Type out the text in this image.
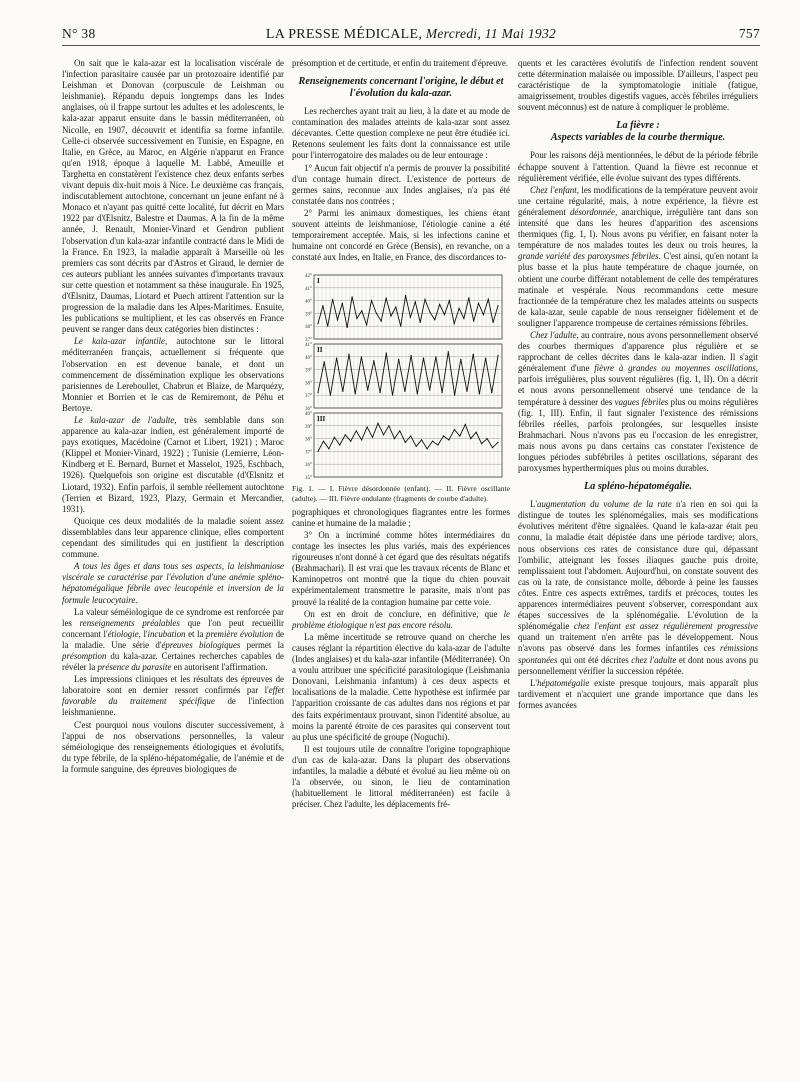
N° 38	LA PRESSE MÉDICALE, Mercredi, 11 Mai 1932	757

On sait que le kala-azar est la localisation viscérale de l'infection parasitaire causée par un protozoaire identifié par Leishman et Donovan (corpuscule de Leishman ou leishmanie). Répandu depuis longtemps dans les Indes anglaises, où il frappe surtout les adultes et les adolescents, le kala-azar apparut ensuite dans le bassin méditerranéen, où Nicolle, en 1907, découvrit et identifia sa forme infantile. Celle-ci observée successivement en Tunisie, en Espagne, en Italie, en Grèce, au Maroc, en Algérie n'apparut en France qu'en 1918, époque à laquelle M. Labbé, Ameuille et Targhetta en constatèrent l'existence chez deux enfants serbes vivant depuis dix-huit mois à Nice. Le deuxième cas français, indiscutablement autochtone, concernant un jeune enfant né à Monaco et n'ayant pas quitté cette localité, fut décrit en Mars 1922 par d'Œlsnitz, Balestre et Daumas. A la fin de la même année, J. Renault, Monier-Vinard et Gendron publient l'observation d'un kala-azar infantile contracté dans le Midi de la France. En 1923, la maladie apparaît à Marseille où les premiers cas sont décrits par d'Astros et Giraud, le dernier de ces auteurs publiant les années suivantes d'importants travaux sur cette question et notamment sa thèse inaugurale. En 1925, d'Œlsnitz, Daumas, Liotard et Puech attirent l'attention sur la progression de la maladie dans les Alpes-Maritimes. Ensuite, les publications se multiplient, et les cas observés en France peuvent se ranger dans deux catégories bien distinctes :

Le kala-azar infantile, autochtone sur le littoral méditerranéen français, actuellement si fréquente que l'observation en est devenue banale, et dont un commencement de dissémination explique les observations parisiennes de Lereboullet, Chabrun et Blaize, de Marquézy, Monnier et Borrien et le cas de Remiremont, de Péhu et Bertoye.

Le kala-azar de l'adulte, très semblable dans son apparence au kala-azar indien, est généralement importé de pays exotiques, Macédoine (Carnot et Libert, 1921) ; Maroc (Klippel et Monier-Vinard, 1922) ; Tunisie (Lemierre, Léon-Kindberg et E. Bernard, Burnet et Masselot, 1925, Eschbach, 1926). Quelquefois son origine est discutable (d'Œlsnitz et Liotard, 1932). Enfin parfois, il semble réellement autochtone (Terrien et Bizard, 1923, Plazy, Germain et Mercandier, 1931).

Quoique ces deux modalités de la maladie soient assez dissemblables dans leur apparence clinique, elles comportent cependant des similitudes qui en justifient la description commune.

A tous les âges et dans tous ses aspects, la leishmaniose viscérale se caractérise par l'évolution d'une anémie spléno-hépatomégalique fébrile avec leucopénie et inversion de la formule leucocytaire.

La valeur séméiologique de ce syndrome est renforcée par les renseignements préalables que l'on peut recueillir concernant l'étiologie, l'incubation et la première évolution de la maladie. Une série d'épreuves biologiques permet la présomption du kala-azar. Certaines recherches capables de révéler la présence du parasite en autorisent l'affirmation.

Les impressions cliniques et les résultats des épreuves de laboratoire sont en dernier ressort confirmés par l'effet favorable du traitement spécifique de l'infection leishmanienne.

C'est pourquoi nous voulons discuter successivement, à l'appui de nos observations personnelles, la valeur séméiologique des renseignements étiologiques et évolutifs, du type fébrile, de la spléno-hépatomégalie, de l'anémie et de la formule sanguine, des épreuves biologiques de

présomption et de certitude, et enfin du traitement d'épreuve.

Renseignements concernant l'origine, le début et l'évolution du kala-azar.

Les recherches ayant trait au lieu, à la date et au mode de contamination des malades atteints de kala-azar sont assez décevantes. Cette question complexe ne peut être étudiée ici. Retenons seulement les faits dont la connaissance est utile pour l'interrogatoire des malades ou de leur entourage :

1° Aucun fait objectif n'a permis de prouver la possibilité d'un contage humain direct. L'existence de porteurs de germes sains, reconnue aux Indes anglaises, n'a pas été constatée dans nos contrées ;

2° Parmi les animaux domestiques, les chiens étant souvent atteints de leishmaniose, l'étiologie canine a été temporairement acceptée. Mais, si les infections canine et humaine ont concordé en Grèce (Bensis), en revanche, on a constaté aux Indes, en Italie, en France, des discordances to-

42°
41°
40°
39°
38°
37°
I
41°
40°
39°
38°
37°
36°
II
40°
39°
38°
37°
36°
35°
III
Fig. 1. — I. Fièvre désordonnée (enfant). — II. Fièvre oscillante (adulte). — III. Fièvre ondulante (fragments de courbe d'adulte).

pographiques et chronologiques flagrantes entre les formes canine et humaine de la maladie ;

3° On a incriminé comme hôtes intermédiaires du contage les insectes les plus variés, mais des expériences rigoureuses n'ont donné à cet égard que des résultats négatifs (Brahmachari). Il est vrai que les travaux récents de Blanc et Kaminopetros ont montré que la tique du chien pouvait expérimentalement transmettre le parasite, mais n'ont pas prouvé la réalité de la contagion humaine par cette voie.

On est en droit de conclure, en définitive, que le problème étiologique n'est pas encore résolu.

La même incertitude se retrouve quand on cherche les causes réglant la répartition élective du kala-azar de l'adulte (Indes anglaises) et du kala-azar infantile (Méditerranée). On a voulu attribuer une spécificité parasitologique (Leishmania Donovani, Leishmania infantum) à ces deux aspects et localisations de la maladie. Cette hypothèse est infirmée par l'apparition croissante de cas adultes dans nos régions et par des faits expérimentaux prouvant, sinon l'identité absolue, au moins la parenté étroite de ces parasites qui conservent tout au plus une spécificité de groupe (Noguchi).

Il est toujours utile de connaître l'origine topographique d'un cas de kala-azar. Dans la plupart des observations infantiles, la maladie a débuté et évolué au lieu même où on l'a observée, ou sinon, le lieu de contamination (habituellement le littoral méditerranéen) est facile à préciser. Chez l'adulte, les déplacements fré-

quents et les caractères évolutifs de l'infection rendent souvent cette détermination malaisée ou impossible. D'ailleurs, l'aspect peu caractéristique de la symptomatologie initiale (fatigue, amaigrissement, troubles digestifs vagues, accès fébriles irréguliers souvent méconnus) est de nature à compliquer le problème.

La fièvre :
Aspects variables de la courbe thermique.

Pour les raisons déjà mentionnées, le début de la période fébrile échappe souvent à l'attention. Quand la fièvre est reconnue et régulièrement vérifiée, elle évolue suivant des types différents.

Chez l'enfant, les modifications de la température peuvent avoir une certaine régularité, mais, à notre expérience, la fièvre est généralement désordonnée, anarchique, irrégulière tant dans son intensité que dans les heures d'apparition des ascensions thermiques (fig. 1, I). Nous avons pu vérifier, en faisant noter la température de nos malades toutes les deux ou trois heures, la grande variété des paroxysmes fébriles. C'est ainsi, qu'en notant la plus basse et la plus haute température de chaque journée, on obtient une courbe différant notablement de celle des températures matinale et vespérale. Nous recommandons cette mesure fractionnée de la température chez les malades atteints ou suspects de kala-azar, seule capable de nous renseigner fidèlement et de souligner l'apparence trompeuse de certaines rémissions fébriles.

Chez l'adulte, au contraire, nous avons personnellement observé des courbes thermiques d'apparence plus régulière et se rapprochant de celles décrites dans le kala-azar indien. Il s'agit généralement d'une fièvre à grandes ou moyennes oscillations, parfois irrégulières, plus souvent régulières (fig. 1, II). On a décrit et nous avons personnellement observé une tendance de la température à dessiner des vagues fébriles plus ou moins régulières (fig. 1, III). Enfin, il faut signaler l'existence des rémissions fébriles réelles, parfois prolongées, sur lesquelles insiste Brahmachari. Nous n'avons pas eu l'occasion de les enregistrer, mais nous avons pu dans certains cas constater l'existence de longues périodes subfébriles à petites oscillations, séparant des paroxysmes hyperthermiques plus ou moins durables.

La spléno-hépatomégalie.

L'augmentation du volume de la rate n'a rien en soi qui la distingue de toutes les splénomégalies, mais ses modifications évolutives méritent d'être signalées. Quand le kala-azar était peu connu, la maladie était dépistée dans une période tardive; alors, nous observions ces rates de consistance dure qui, dépassant l'ombilic, atteignant les fosses iliaques gauche puis droite, remplissaient tout l'abdomen. Aujourd'hui, on constate souvent des cas où la rate, de consistance molle, déborde à peine les fausses côtes. Entre ces aspects extrêmes, tardifs et précoces, toutes les apparences intermédiaires peuvent s'observer, correspondant aux étapes successives de la splénomégalie. L'évolution de la splénomégalie chez l'enfant est assez régulièrement progressive quand un traitement n'en arrête pas le développement. Nous n'avons pas observé dans les formes infantiles ces rémissions spontanées qui ont été décrites chez l'adulte et dont nous avons pu personnellement vérifier la succession répétée.

L'hépatomégalie existe presque toujours, mais apparaît plus tardivement et n'acquiert une grande importance que dans les formes avancées
